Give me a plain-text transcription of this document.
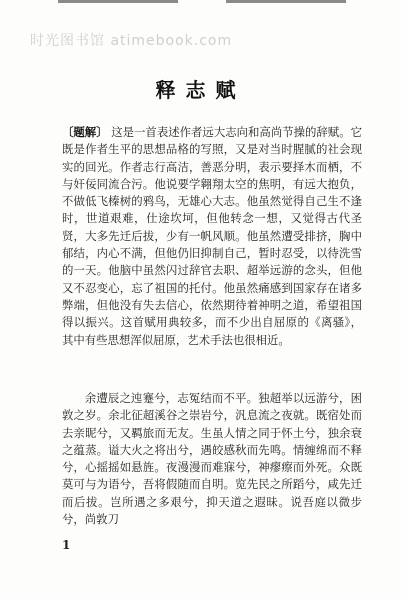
时光图书馆 atimebook.com
释志赋
〔题解〕 这是一首表述作者远大志向和高尚节操的辞赋。它既是作者生平的思想品格的写照，又是对当时腥腻的社会现实的回光。作者志行高洁，善恶分明，表示要择木而栖，不与奸佞同流合污。他说要学翱翔太空的焦明，有远大抱负，不做低飞榛树的鸦鸟，无雄心大志。他虽然觉得自己生不逢时，世道艰难，仕途坎坷，但他转念一想，又觉得古代圣贤，大多先迁后拔，少有一帆风顺。他虽然遭受排挤，胸中郁结，内心不满，但他仍旧抑制自己，暂时忍受，以待洗雪的一天。他脑中虽然闪过辞官去职、超举远游的念头，但他又不忍变心，忘了祖国的托付。他虽然痛感到国家存在诸多弊端，但他没有失去信心，依然期待着神明之道，希望祖国得以振兴。这首赋用典较多，而不少出自屈原的《离骚》，其中有些思想浑似屈原，艺术手法也很相近。
余遭辰之迍蹇兮，志冤结而不平。独超举以远游兮，困敦之岁。余北征超溪谷之崇岩兮，汎息流之夜就。既宿处而去亲昵兮，又羁旅而无友。生虽人情之同于怀土兮，独余衰之蕴蒸。谥大火之将出兮，遇皎感秋而先鸣。情缠绵而不释兮，心摇摇如悬旌。夜漫漫而难寐兮，神瘳瘵而外死。众既莫可与为语兮，吾将假随而自明。览先民之所蹈兮，咸先迁而后拔。岂所遇之多艰兮，抑天道之遐昧。说吾庭以微步兮，尚敦刀
1
